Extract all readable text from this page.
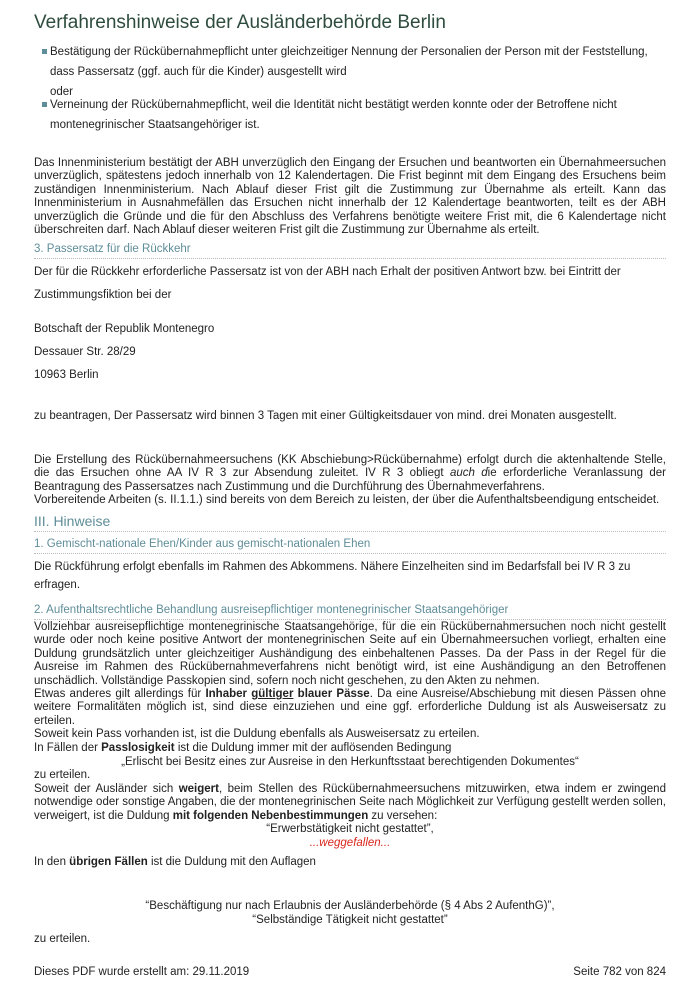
Verfahrenshinweise der Ausländerbehörde Berlin
Bestätigung der Rückübernahmepflicht unter gleichzeitiger Nennung der Personalien der Person mit der Feststellung,
dass Passersatz (ggf. auch für die Kinder) ausgestellt wird
oder
Verneinung der Rückübernahmepflicht, weil die Identität nicht bestätigt werden konnte oder der Betroffene nicht
montenegrinischer Staatsangehöriger ist.
Das Innenministerium bestätigt der ABH unverzüglich den Eingang der Ersuchen und beantworten ein Übernahmeersuchen unverzüglich, spätestens jedoch innerhalb von 12 Kalendertagen. Die Frist beginnt mit dem Eingang des Ersuchens beim zuständigen Innenministerium. Nach Ablauf dieser Frist gilt die Zustimmung zur Übernahme als erteilt. Kann das Innenministerium in Ausnahmefällen das Ersuchen nicht innerhalb der 12 Kalendertage beantworten, teilt es der ABH unverzüglich die Gründe und die für den Abschluss des Verfahrens benötigte weitere Frist mit, die 6 Kalendertage nicht überschreiten darf. Nach Ablauf dieser weiteren Frist gilt die Zustimmung zur Übernahme als erteilt.
3. Passersatz für die Rückkehr
Der für die Rückkehr erforderliche Passersatz ist von der ABH nach Erhalt der positiven Antwort bzw. bei Eintritt der
Zustimmungsfiktion bei der
Botschaft der Republik Montenegro
Dessauer Str. 28/29
10963 Berlin
zu beantragen, Der Passersatz wird binnen 3 Tagen mit einer Gültigkeitsdauer von mind. drei Monaten ausgestellt.
Die Erstellung des Rückübernahmeersuchens (KK Abschiebung>Rückübernahme) erfolgt durch die aktenhaltende Stelle, die das Ersuchen ohne AA IV R 3 zur Absendung zuleitet. IV R 3 obliegt auch die erforderliche Veranlassung der Beantragung des Passersatzes nach Zustimmung und die Durchführung des Übernahmeverfahrens.
Vorbereitende Arbeiten (s. II.1.1.) sind bereits von dem Bereich zu leisten, der über die Aufenthaltsbeendigung entscheidet.
III. Hinweise
1. Gemischt-nationale Ehen/Kinder aus gemischt-nationalen Ehen
Die Rückführung erfolgt ebenfalls im Rahmen des Abkommens. Nähere Einzelheiten sind im Bedarfsfall bei IV R 3 zu
erfragen.
2. Aufenthaltsrechtliche Behandlung ausreisepflichtiger montenegrinischer Staatsangehöriger
Vollziehbar ausreisepflichtige montenegrinische Staatsangehörige, für die ein Rückübernahmersuchen noch nicht gestellt wurde oder noch keine positive Antwort der montenegrinischen Seite auf ein Übernahmeersuchen vorliegt, erhalten eine Duldung grundsätzlich unter gleichzeitiger Aushändigung des einbehaltenen Passes. Da der Pass in der Regel für die Ausreise im Rahmen des Rückübernahmeverfahrens nicht benötigt wird, ist eine Aushändigung an den Betroffenen unschädlich. Vollständige Passkopien sind, sofern noch nicht geschehen, zu den Akten zu nehmen.
Etwas anderes gilt allerdings für Inhaber gültiger blauer Pässe. Da eine Ausreise/Abschiebung mit diesen Pässen ohne weitere Formalitäten möglich ist, sind diese einzuziehen und eine ggf. erforderliche Duldung ist als Ausweisersatz zu erteilen.
Soweit kein Pass vorhanden ist, ist die Duldung ebenfalls als Ausweisersatz zu erteilen.
In Fällen der Passlosigkeit ist die Duldung immer mit der auflösenden Bedingung
„Erlischt bei Besitz eines zur Ausreise in den Herkunftsstaat berechtigenden Dokumentes“
zu erteilen.
Soweit der Ausländer sich weigert, beim Stellen des Rückübernahmeersuchens mitzuwirken, etwa indem er zwingend notwendige oder sonstige Angaben, die der montenegrinischen Seite nach Möglichkeit zur Verfügung gestellt werden sollen, verweigert, ist die Duldung mit folgenden Nebenbestimmungen zu versehen:
“Erwerbstätigkeit nicht gestattet”,
...weggefallen...
In den übrigen Fällen ist die Duldung mit den Auflagen
“Beschäftigung nur nach Erlaubnis der Ausländerbehörde (§ 4 Abs 2 AufenthG)”,
“Selbständige Tätigkeit nicht gestattet”
zu erteilen.
Dieses PDF wurde erstellt am: 29.11.2019	Seite 782 von 824
